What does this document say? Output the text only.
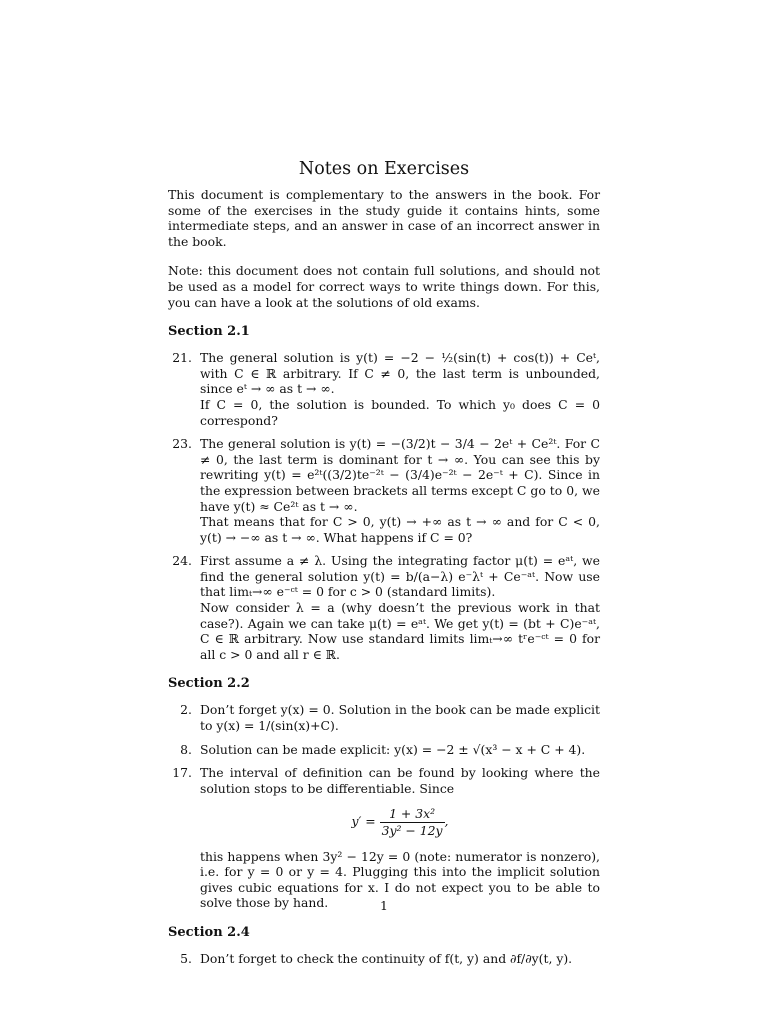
Notes on Exercises

This document is complementary to the answers in the book. For some of the exercises in the study guide it contains hints, some intermediate steps, and an answer in case of an incorrect answer in the book.

Note: this document does not contain full solutions, and should not be used as a model for correct ways to write things down. For this, you can have a look at the solutions of old exams.

Section 2.1
21. The general solution is y(t) = −2 − ½(sin(t) + cos(t)) + Ceᵗ, with C ∈ ℝ arbitrary. If C ≠ 0, the last term is unbounded, since eᵗ → ∞ as t → ∞.

If C = 0, the solution is bounded. To which y₀ does C = 0 correspond?

23. The general solution is y(t) = −(3/2)t − 3/4 − 2eᵗ + Ce²ᵗ. For C ≠ 0, the last term is dominant for t → ∞. You can see this by rewriting y(t) = e²ᵗ((3/2)te⁻²ᵗ − (3/4)e⁻²ᵗ − 2e⁻ᵗ + C). Since in the expression between brackets all terms except C go to 0, we have y(t) ≈ Ce²ᵗ as t → ∞.

That means that for C > 0, y(t) → +∞ as t → ∞ and for C < 0, y(t) → −∞ as t → ∞. What happens if C = 0?

24. First assume a ≠ λ. Using the integrating factor μ(t) = eᵃᵗ, we find the general solution y(t) = b/(a−λ) e⁻λᵗ + Ce⁻ᵃᵗ. Now use that limₜ→∞ e⁻ᶜᵗ = 0 for c > 0 (standard limits).

Now consider λ = a (why doesn’t the previous work in that case?). Again we can take μ(t) = eᵃᵗ. We get y(t) = (bt + C)e⁻ᵃᵗ, C ∈ ℝ arbitrary. Now use standard limits limₜ→∞ tʳe⁻ᶜᵗ = 0 for all c > 0 and all r ∈ ℝ.

Section 2.2
2. Don’t forget y(x) = 0. Solution in the book can be made explicit to y(x) = 1/(sin(x)+C).

8. Solution can be made explicit: y(x) = −2 ± √(x³ − x + C + 4).

17. The interval of definition can be found by looking where the solution stops to be differentiable. Since

$y' = \frac{\text{1 + 3x²}}{\text{3y² − 12y}}$ ,

this happens when 3y² − 12y = 0 (note: numerator is nonzero), i.e. for y = 0 or y = 4. Plugging this into the implicit solution gives cubic equations for x. I do not expect you to be able to solve those by hand.

Section 2.4
5. Don’t forget to check the continuity of f(t, y) and ∂f/∂y(t, y).

1
